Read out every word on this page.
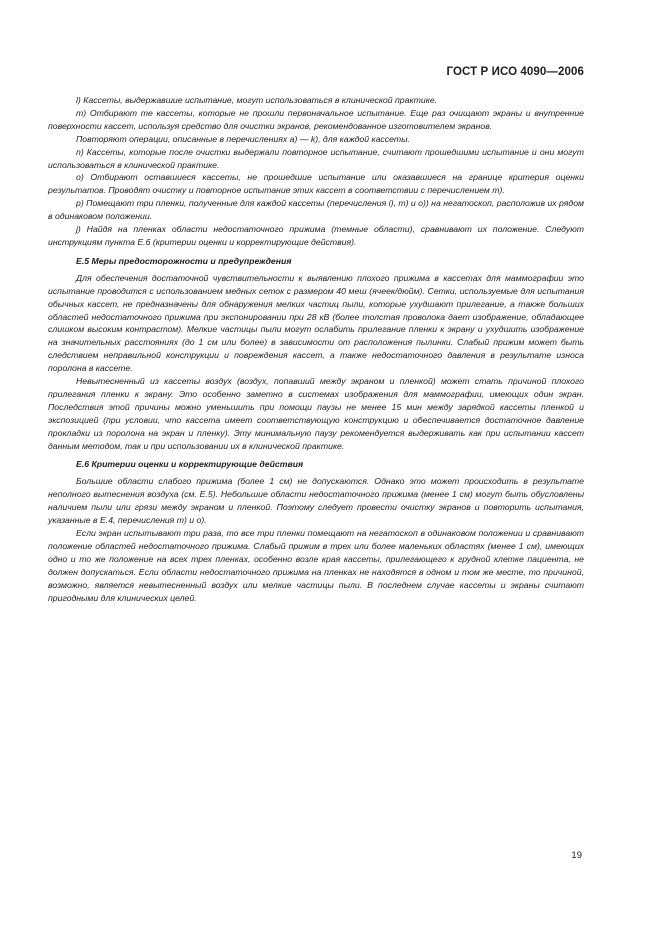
ГОСТ Р ИСО 4090—2006

l) Кассеты, выдержавшие испытание, могут использоваться в клинической практике.

m) Отбирают те кассеты, которые не прошли первоначальное испытание. Еще раз очищают экраны и внутренние поверхности кассет, используя средство для очистки экранов, рекомендованное изготовителем экранов.

Повторяют операции, описанные в перечислениях a) — k), для каждой кассеты.

n) Кассеты, которые после очистки выдержали повторное испытание, считают прошедшими испытание и они могут использоваться в клинической практике.

o) Отбирают оставшиеся кассеты, не прошедшие испытание или оказавшиеся на границе критерия оценки результатов. Проводят очистку и повторное испытание этих кассет в соответствии с перечислением m).

p) Помещают три пленки, полученные для каждой кассеты (перечисления i), m) и o)) на негатоскоп, расположив их рядом в одинаковом положении.

j) Найдя на пленках области недостаточного прижима (темные области), сравнивают их положение. Следуют инструкциям пункта Е.6 (критерии оценки и корректирующие действия).

Е.5 Меры предосторожности и предупреждения

Для обеспечения достаточной чувствительности к выявлению плохого прижима в кассетах для маммографии это испытание проводится с использованием медных сеток с размером 40 меш (ячеек/дюйм). Сетки, используемые для испытания обычных кассет, не предназначены для обнаружения мелких частиц пыли, которые ухудшают прилегание, а также больших областей недостаточного прижима при экспонировании при 28 кВ (более толстая проволока дает изображение, обладающее слишком высоким контрастом). Мелкие частицы пыли могут ослабить прилегание пленки к экрану и ухудшить изображение на значительных расстояниях (до 1 см или более) в зависимости от расположения пылинки. Слабый прижим может быть следствием неправильной конструкции и повреждения кассет, а также недостаточного давления в результате износа поролона в кассете.

Невытесненный из кассеты воздух (воздух, попавший между экраном и пленкой) может стать причиной плохого прилегания пленки к экрану. Это особенно заметно в системах изображения для маммографии, имеющих один экран. Последствия этой причины можно уменьшить при помощи паузы не менее 15 мин между зарядкой кассеты пленкой и экспозицией (при условии, что кассета имеет соответствующую конструкцию и обеспечивается достаточное давление прокладки из поролона на экран и пленку). Эту минимальную паузу рекомендуется выдерживать как при испытании кассет данным методом, так и при использовании их в клинической практике.

Е.6 Критерии оценки и корректирующие действия

Большие области слабого прижима (более 1 см) не допускаются. Однако это может происходить в результате неполного вытеснения воздуха (см. Е.5). Небольшие области недостаточного прижима (менее 1 см) могут быть обусловлены наличием пыли или грязи между экраном и пленкой. Поэтому следует провести очистку экранов и повторить испытания, указанные в Е.4, перечисления m) и o).

Если экран испытывают три раза, то все три пленки помещают на негатоскоп в одинаковом положении и сравнивают положение областей недостаточного прижима. Слабый прижим в трех или более маленьких областях (менее 1 см), имеющих одно и то же положение на всех трех пленках, особенно возле края кассеты, прилегающего к грудной клетке пациента, не должен допускаться. Если области недостаточного прижима на пленках не находятся в одном и том же месте, то причиной, возможно, является невытесненный воздух или мелкие частицы пыли. В последнем случае кассеты и экраны считают пригодными для клинических целей.

19
